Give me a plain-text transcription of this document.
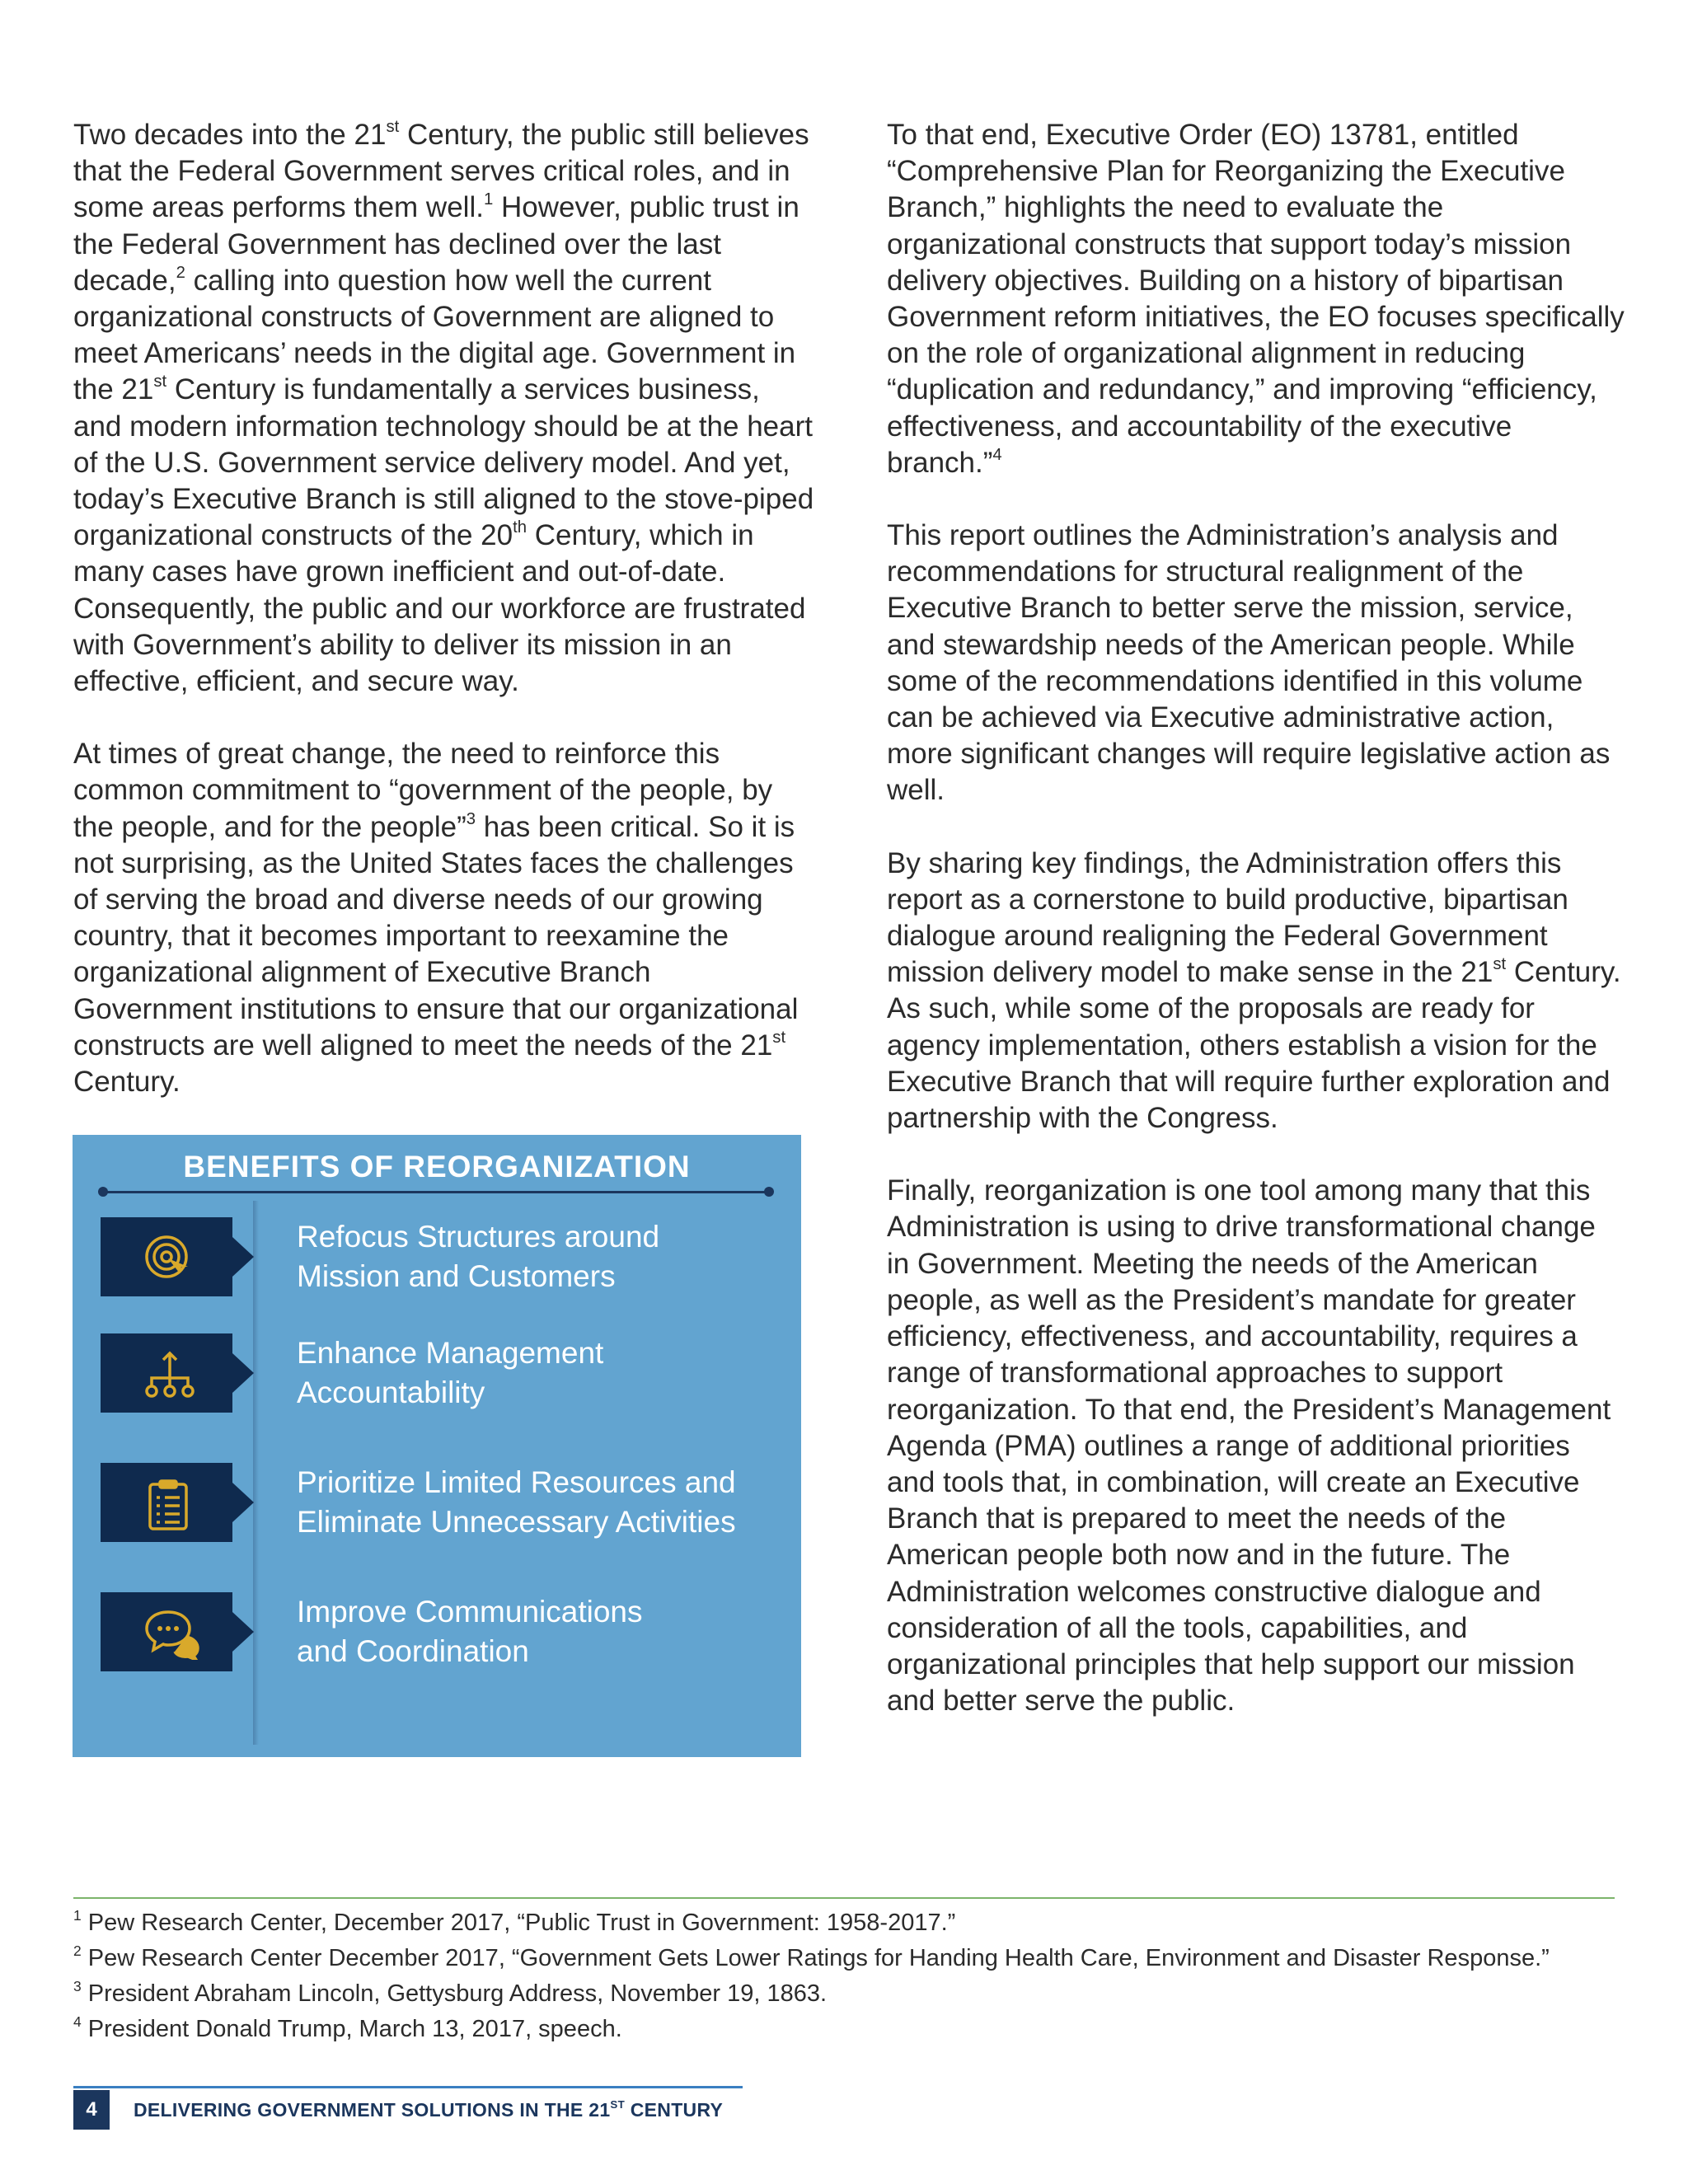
Two decades into the 21st Century, the public still believes that the Federal Government serves critical roles, and in some areas performs them well.$^1$ However, public trust in the Federal Government has declined over the last decade,$^2$ calling into question how well the current organizational constructs of Government are aligned to meet Americans’ needs in the digital age. Government in the 21st Century is fundamentally a services business, and modern information technology should be at the heart of the U.S. Government service delivery model. And yet, today’s Executive Branch is still aligned to the stove-piped organizational constructs of the 20th Century, which in many cases have grown inefficient and out-of-date. Consequently, the public and our workforce are frustrated with Government’s ability to deliver its mission in an effective, efficient, and secure way.

At times of great change, the need to reinforce this common commitment to “government of the people, by the people, and for the people”$^3$ has been critical. So it is not surprising, as the United States faces the challenges of serving the broad and diverse needs of our growing country, that it becomes important to reexamine the organizational alignment of Executive Branch Government institutions to ensure that our organizational constructs are well aligned to meet the needs of the 21st Century.

BENEFITS OF REORGANIZATION
Refocus Structures around
Mission and Customers
Enhance Management
Accountability
Prioritize Limited Resources and
Eliminate Unnecessary Activities
Improve Communications
and Coordination

To that end, Executive Order (EO) 13781, entitled “Comprehensive Plan for Reorganizing the Executive Branch,” highlights the need to evaluate the organizational constructs that support today’s mission delivery objectives. Building on a history of bipartisan Government reform initiatives, the EO focuses specifically on the role of organizational alignment in reducing “duplication and redundancy,” and improving “efficiency, effectiveness, and accountability of the executive branch.”$^4$

This report outlines the Administration’s analysis and recommendations for structural realignment of the Executive Branch to better serve the mission, service, and stewardship needs of the American people. While some of the recommendations identified in this volume can be achieved via Executive administrative action, more significant changes will require legislative action as well.

By sharing key findings, the Administration offers this report as a cornerstone to build productive, bipartisan dialogue around realigning the Federal Government mission delivery model to make sense in the 21st Century. As such, while some of the proposals are ready for agency implementation, others establish a vision for the Executive Branch that will require further exploration and partnership with the Congress.

Finally, reorganization is one tool among many that this Administration is using to drive transformational change in Government. Meeting the needs of the American people, as well as the President’s mandate for greater efficiency, effectiveness, and accountability, requires a range of transformational approaches to support reorganization. To that end, the President’s Management Agenda (PMA) outlines a range of additional priorities and tools that, in combination, will create an Executive Branch that is prepared to meet the needs of the American people both now and in the future. The Administration welcomes constructive dialogue and consideration of all the tools, capabilities, and organizational principles that help support our mission and better serve the public.

$^1$ Pew Research Center, December 2017, “Public Trust in Government: 1958-2017.”
$^2$ Pew Research Center December 2017, “Government Gets Lower Ratings for Handing Health Care, Environment and Disaster Response.”
$^3$ President Abraham Lincoln, Gettysburg Address, November 19, 1863.
$^4$ President Donald Trump, March 13, 2017, speech.
4	DELIVERING GOVERNMENT SOLUTIONS IN THE 21ST CENTURY
